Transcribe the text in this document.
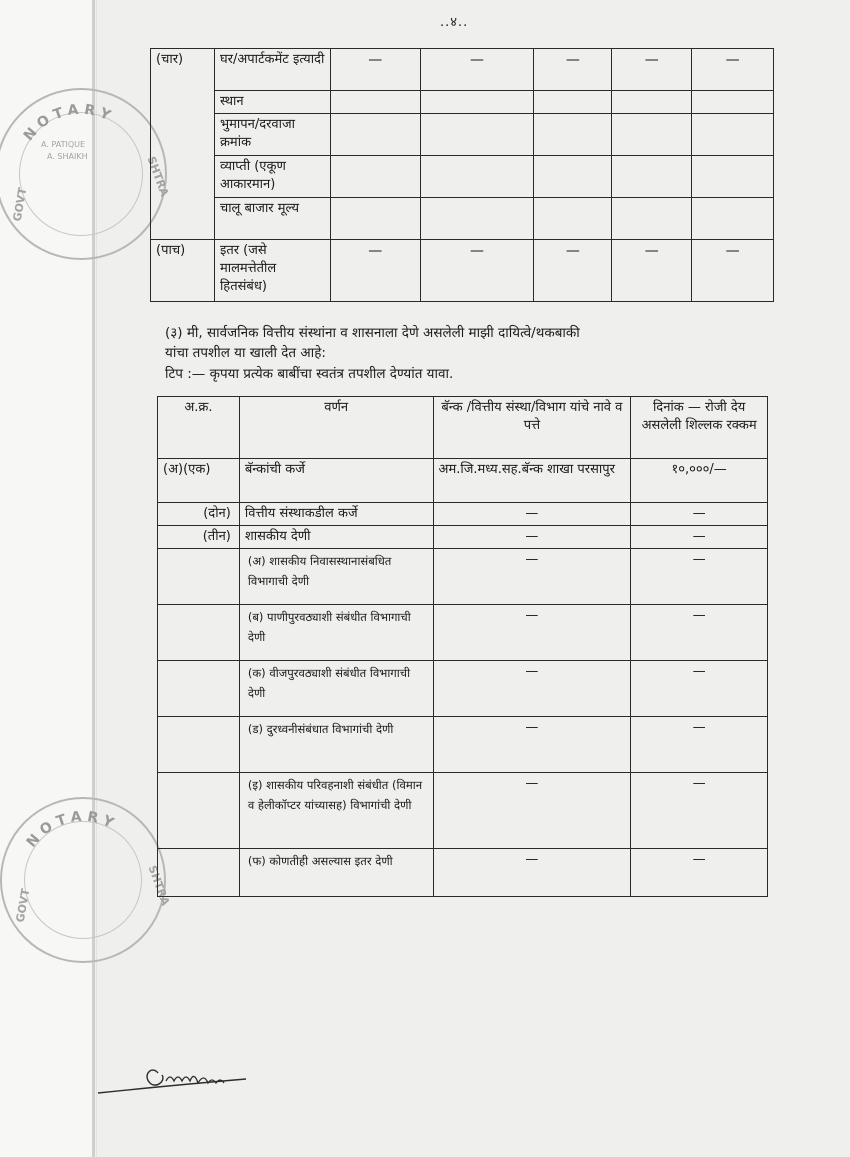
..४..
NOTARY
A. PATIQUE
A. SHAIKH	SHTRA
GOVT
NOTARY
SHTRA
GOVT
(चार)	घर/अपार्टकमेंट इत्यादी	—	—	—	—	—
	स्थान					
	भुमापन/दरवाजा क्रमांक					
	व्याप्ती (एकूण आकारमान)					
	चालू बाजार मूल्य					
(पाच)	इतर (जसे मालमत्तेतील हितसंबंध)	—	—	—	—	—
(३) मी, सार्वजनिक वित्तीय संस्थांना व शासनाला देणे असलेली माझी दायित्वे/थकबाकी
यांचा तपशील या खाली देत आहे:
टिप :— कृपया प्रत्येक बाबींचा स्वतंत्र तपशील देण्यांत यावा.
अ.क्र.	वर्णन	बॅन्क /वित्तीय संस्था/विभाग यांचे नावे व पत्ते	दिनांक — रोजी देय असलेली शिल्लक रक्कम
(अ)(एक)	बॅन्कांची कर्जे	अम.जि.मध्य.सह.बॅन्क शाखा परसापुर	१०,०००/—
(दोन)	वित्तीय संस्थाकडील कर्जे	—	—
(तीन)	शासकीय देणी	—	—
	(अ) शासकीय निवासस्थानासंबधित विभागाची देणी	—	—
	(ब) पाणीपुरवठ्याशी संबंधीत विभागाची देणी	—	—
	(क) वीजपुरवठ्याशी संबंधीत विभागाची देणी	—	—
	(ड) दुरध्वनीसंबंधात विभागांची देणी	—	—
	(इ) शासकीय परिवहनाशी संबंधीत (विमान व हेलीकॉप्टर यांच्यासह) विभागांची देणी	—	—
	(फ) कोणतीही असल्यास इतर देणी	—	—
